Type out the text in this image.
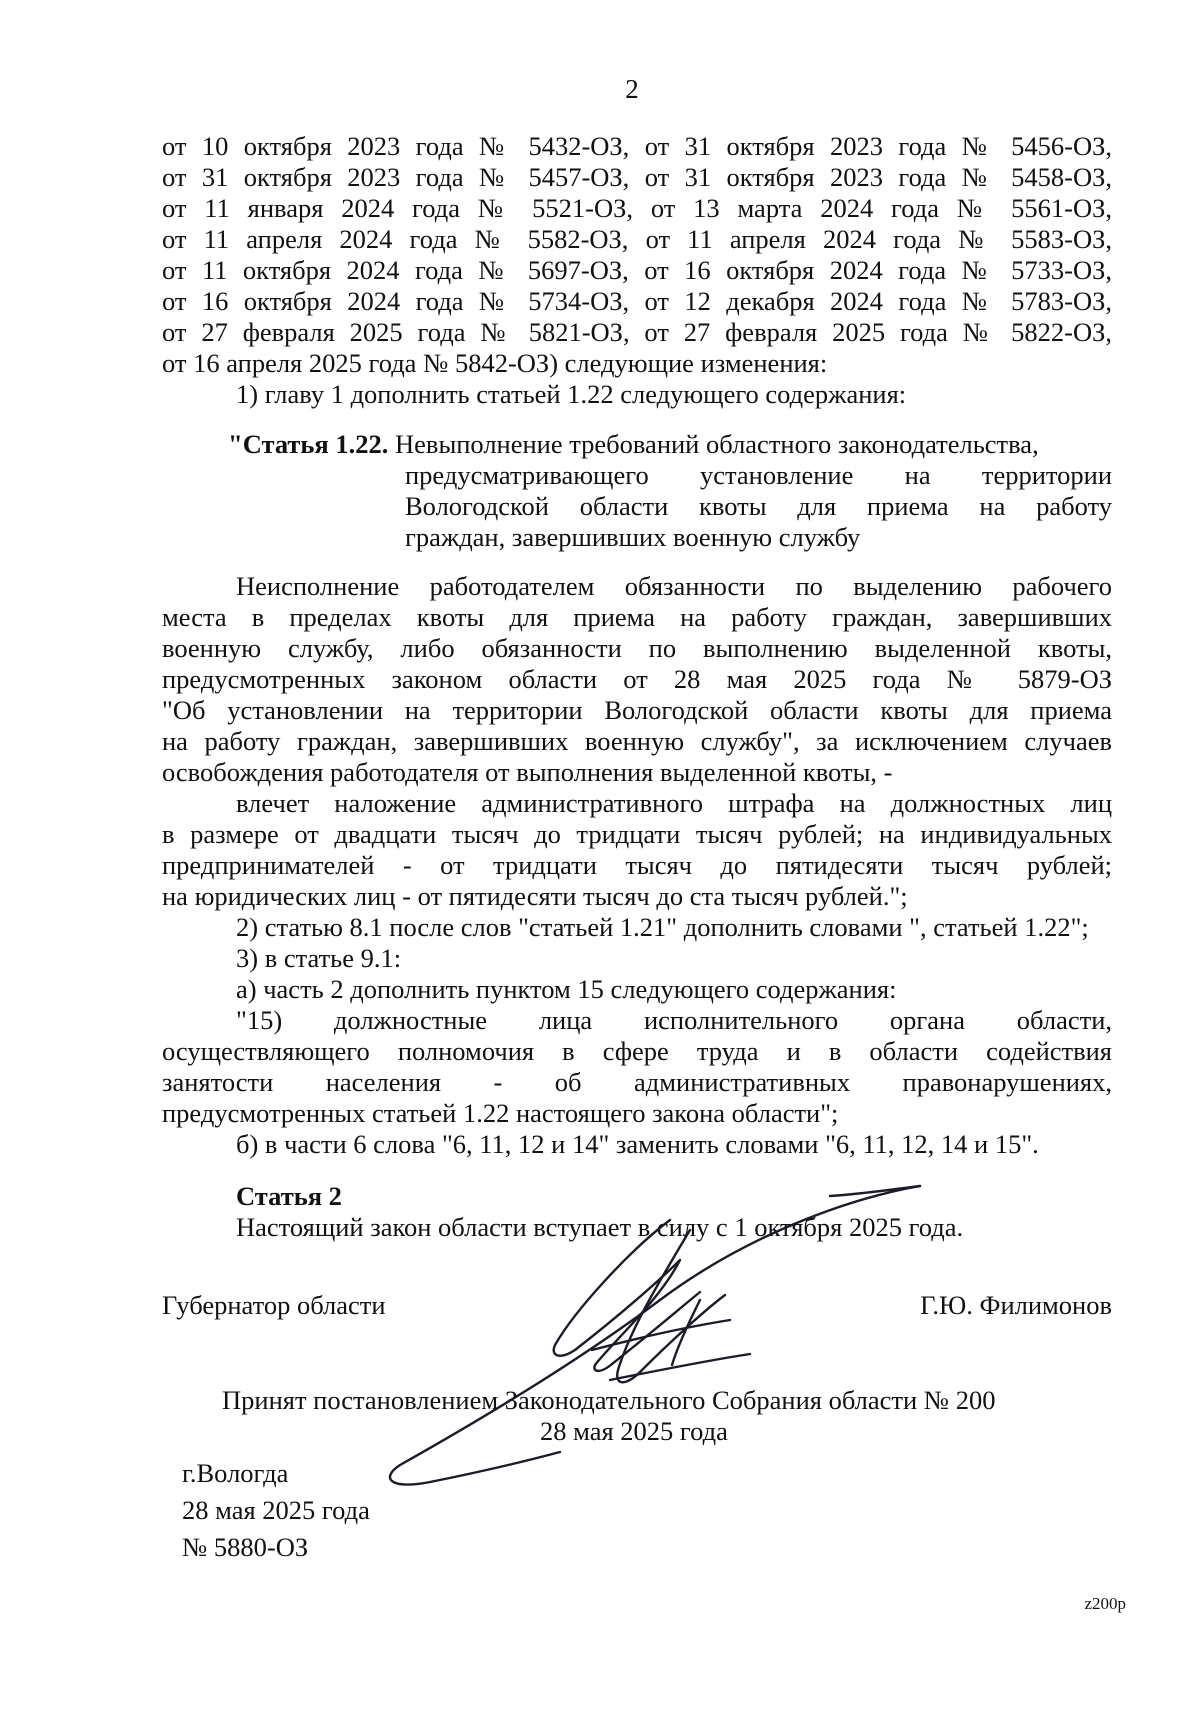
2
от 10 октября 2023 года № 5432-ОЗ, от 31 октября 2023 года № 5456-ОЗ,
от 31 октября 2023 года № 5457-ОЗ, от 31 октября 2023 года № 5458-ОЗ,
от 11 января 2024 года № 5521-ОЗ, от 13 марта 2024 года № 5561-ОЗ,
от 11 апреля 2024 года № 5582-ОЗ, от 11 апреля 2024 года № 5583-ОЗ,
от 11 октября 2024 года № 5697-ОЗ, от 16 октября 2024 года № 5733-ОЗ,
от 16 октября 2024 года № 5734-ОЗ, от 12 декабря 2024 года № 5783-ОЗ,
от 27 февраля 2025 года № 5821-ОЗ, от 27 февраля 2025 года № 5822-ОЗ,
от 16 апреля 2025 года № 5842-ОЗ) следующие изменения:
1) главу 1 дополнить статьей 1.22 следующего содержания:
"Статья 1.22. Невыполнение требований областного законодательства,
предусматривающего установление на территории
Вологодской области квоты для приема на работу
граждан, завершивших военную службу
Неисполнение работодателем обязанности по выделению рабочего
места в пределах квоты для приема на работу граждан, завершивших
военную службу, либо обязанности по выполнению выделенной квоты,
предусмотренных законом области от 28 мая 2025 года № 5879-ОЗ
"Об установлении на территории Вологодской области квоты для приема
на работу граждан, завершивших военную службу", за исключением случаев
освобождения работодателя от выполнения выделенной квоты, -
влечет наложение административного штрафа на должностных лиц
в размере от двадцати тысяч до тридцати тысяч рублей; на индивидуальных
предпринимателей - от тридцати тысяч до пятидесяти тысяч рублей;
на юридических лиц - от пятидесяти тысяч до ста тысяч рублей.";
2) статью 8.1 после слов "статьей 1.21" дополнить словами ", статьей 1.22";
3) в статье 9.1:
а) часть 2 дополнить пунктом 15 следующего содержания:
"15) должностные лица исполнительного органа области,
осуществляющего полномочия в сфере труда и в области содействия
занятости населения - об административных правонарушениях,
предусмотренных статьей 1.22 настоящего закона области";
б) в части 6 слова "6, 11, 12 и 14" заменить словами "6, 11, 12, 14 и 15".
Статья 2
Настоящий закон области вступает в силу с 1 октября 2025 года.
Губернатор области	Г.Ю. Филимонов
Принят постановлением Законодательного Собрания области № 200
28 мая 2025 года
г.Вологда
28 мая 2025 года
№ 5880-ОЗ
z200p
